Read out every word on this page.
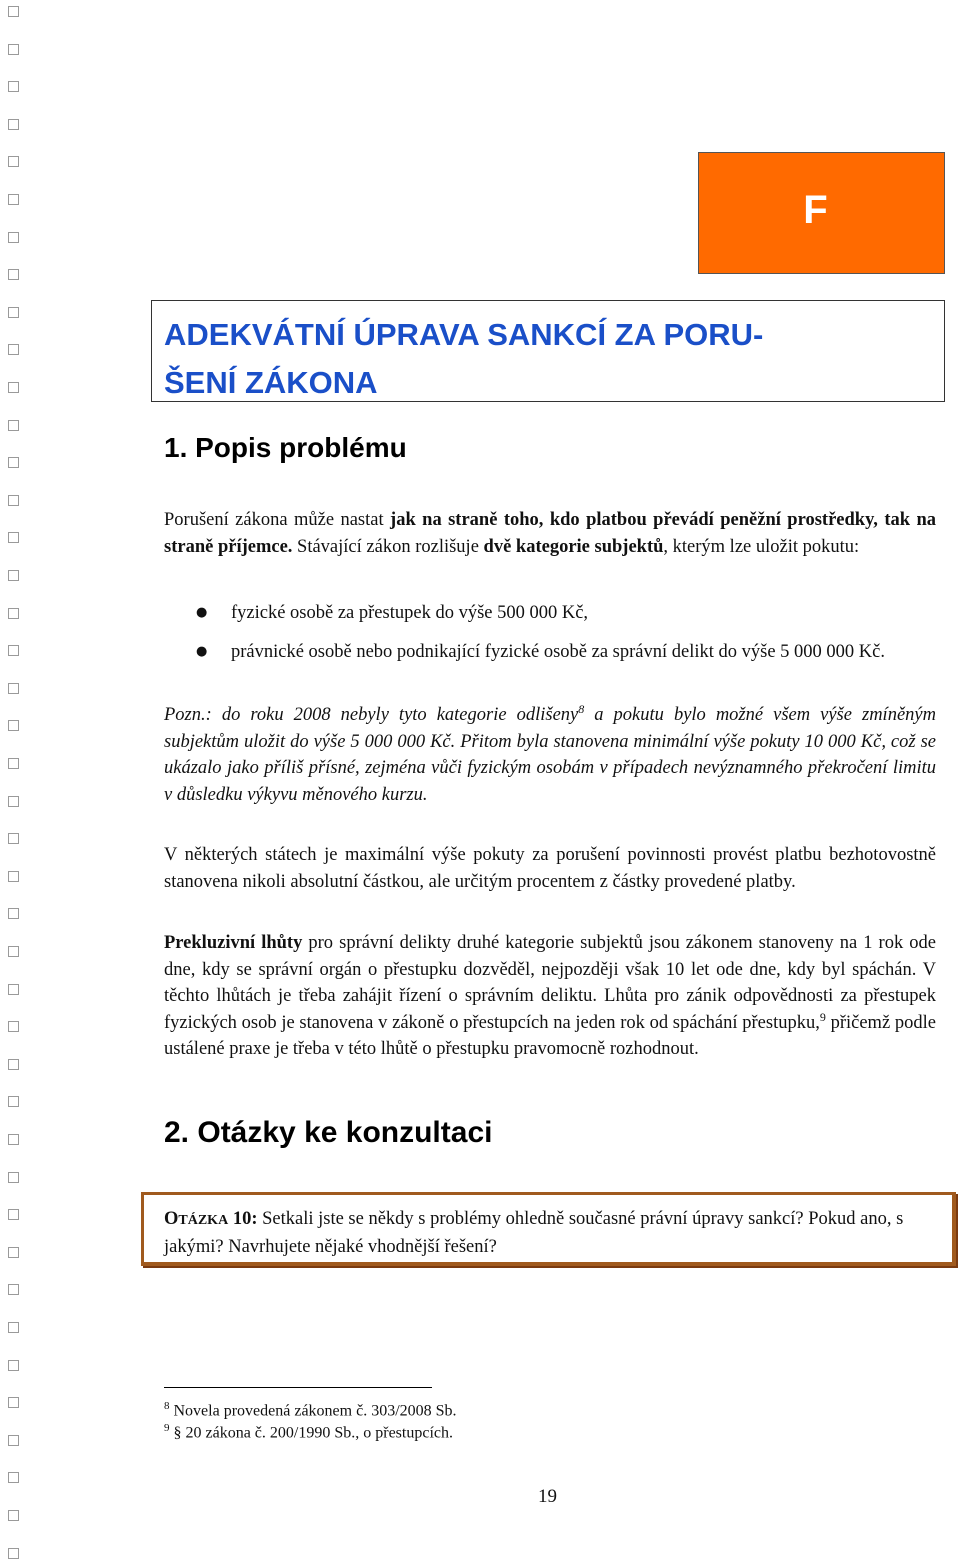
F
ADEKVÁTNÍ ÚPRAVA SANKCÍ ZA PORU-
ŠENÍ ZÁKONA
1. Popis problému

Porušení zákona může nastat jak na straně toho, kdo platbou převádí peněžní prostředky, tak na straně příjemce. Stávající zákon rozlišuje dvě kategorie subjektů, kterým lze uložit pokutu:

● fyzické osobě za přestupek do výše 500 000 Kč,
● právnické osobě nebo podnikající fyzické osobě za správní delikt do výše 5 000 000 Kč.

Pozn.: do roku 2008 nebyly tyto kategorie odlišeny$^8$ a pokutu bylo možné všem výše zmíněným subjektům uložit do výše 5 000 000 Kč. Přitom byla stanovena minimální výše pokuty 10 000 Kč, což se ukázalo jako příliš přísné, zejména vůči fyzickým osobám v případech nevýznamného překročení limitu v důsledku výkyvu měnového kurzu.

V některých státech je maximální výše pokuty za porušení povinnosti provést platbu bezhotovostně stanovena nikoli absolutní částkou, ale určitým procentem z částky provedené platby.

Prekluzivní lhůty pro správní delikty druhé kategorie subjektů jsou zákonem stanoveny na 1 rok ode dne, kdy se správní orgán o přestupku dozvěděl, nejpozději však 10 let ode dne, kdy byl spáchán. V těchto lhůtách je třeba zahájit řízení o správním deliktu. Lhůta pro zánik odpovědnosti za přestupek fyzických osob je stanovena v zákoně o přestupcích na jeden rok od spáchání přestupku,$^9$ přičemž podle ustálené praxe je třeba v této lhůtě o přestupku pravomocně rozhodnout.

2. Otázky ke konzultaci
OTÁZKA 10: Setkali jste se někdy s problémy ohledně současné právní úpravy sankcí? Pokud ano, s jakými? Navrhujete nějaké vhodnější řešení?
$^8$ Novela provedená zákonem č. 303/2008 Sb.
$^9$ § 20 zákona č. 200/1990 Sb., o přestupcích.
19
